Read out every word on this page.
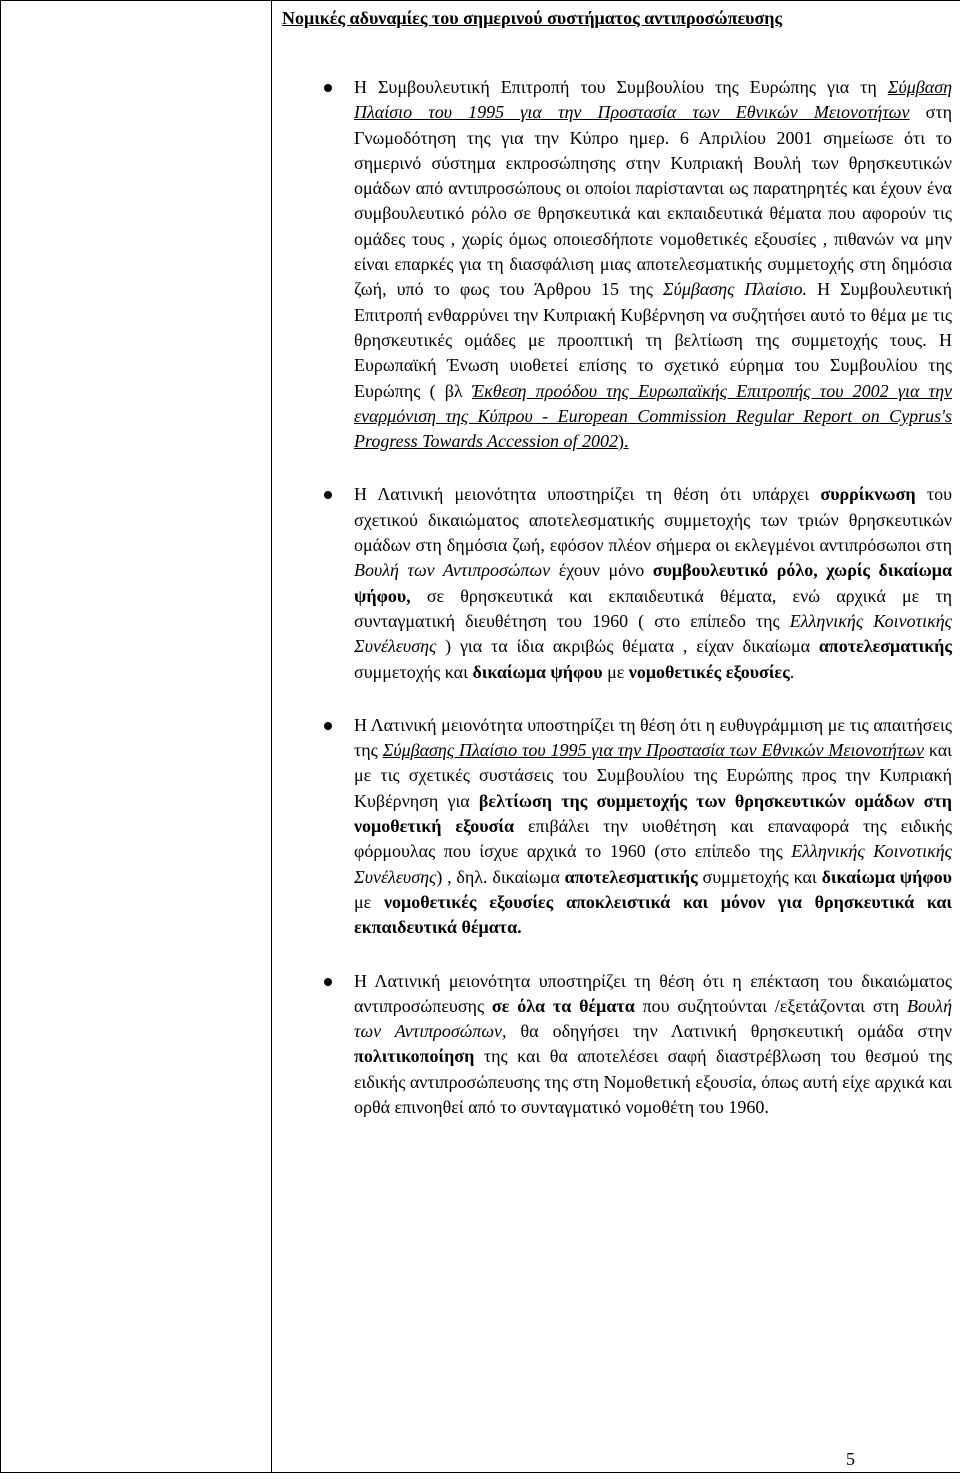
Νομικές αδυναμίες του σημερινού συστήματος αντιπροσώπευσης
Η Συμβουλευτική Επιτροπή του Συμβουλίου της Ευρώπης για τη Σύμβαση Πλαίσιο του 1995 για την Προστασία των Εθνικών Μειονοτήτων στη Γνωμοδότηση της για την Κύπρο ημερ. 6 Απριλίου 2001 σημείωσε ότι το σημερινό σύστημα εκπροσώπησης στην Κυπριακή Βουλή των θρησκευτικών ομάδων από αντιπροσώπους οι οποίοι παρίστανται ως παρατηρητές και έχουν ένα συμβουλευτικό ρόλο σε θρησκευτικά και εκπαιδευτικά θέματα που αφορούν τις ομάδες τους , χωρίς όμως οποιεσδήποτε νομοθετικές εξουσίες , πιθανών να μην είναι επαρκές για τη διασφάλιση μιας αποτελεσματικής συμμετοχής στη δημόσια ζωή, υπό το φως του Άρθρου 15 της Σύμβασης Πλαίσιο. Η Συμβουλευτική Επιτροπή ενθαρρύνει την Κυπριακή Κυβέρνηση να συζητήσει αυτό το θέμα με τις θρησκευτικές ομάδες με προοπτική τη βελτίωση της συμμετοχής τους. Η Ευρωπαϊκή Ένωση υιοθετεί επίσης το σχετικό εύρημα του Συμβουλίου της Ευρώπης ( βλ Έκθεση προόδου της Ευρωπαϊκής Επιτροπής του 2002 για την εναρμόνιση της Κύπρου - European Commission Regular Report on Cyprus's Progress Towards Accession of 2002).
Η Λατινική μειονότητα υποστηρίζει τη θέση ότι υπάρχει συρρίκνωση του σχετικού δικαιώματος αποτελεσματικής συμμετοχής των τριών θρησκευτικών ομάδων στη δημόσια ζωή, εφόσον πλέον σήμερα οι εκλεγμένοι αντιπρόσωποι στη Βουλή των Αντιπροσώπων έχουν μόνο συμβουλευτικό ρόλο, χωρίς δικαίωμα ψήφου, σε θρησκευτικά και εκπαιδευτικά θέματα, ενώ αρχικά με τη συνταγματική διευθέτηση του 1960 ( στο επίπεδο της Ελληνικής Κοινοτικής Συνέλευσης ) για τα ίδια ακριβώς θέματα , είχαν δικαίωμα αποτελεσματικής συμμετοχής και δικαίωμα ψήφου με νομοθετικές εξουσίες.
Η Λατινική μειονότητα υποστηρίζει τη θέση ότι η ευθυγράμμιση με τις απαιτήσεις της Σύμβασης Πλαίσιο του 1995 για την Προστασία των Εθνικών Μειονοτήτων και με τις σχετικές συστάσεις του Συμβουλίου της Ευρώπης προς την Κυπριακή Κυβέρνηση για βελτίωση της συμμετοχής των θρησκευτικών ομάδων στη νομοθετική εξουσία επιβάλει την υιοθέτηση και επαναφορά της ειδικής φόρμουλας που ίσχυε αρχικά το 1960 (στο επίπεδο της Ελληνικής Κοινοτικής Συνέλευσης) , δηλ. δικαίωμα αποτελεσματικής συμμετοχής και δικαίωμα ψήφου με νομοθετικές εξουσίες αποκλειστικά και μόνον για θρησκευτικά και εκπαιδευτικά θέματα.
Η Λατινική μειονότητα υποστηρίζει τη θέση ότι η επέκταση του δικαιώματος αντιπροσώπευσης σε όλα τα θέματα που συζητούνται /εξετάζονται στη Βουλή των Αντιπροσώπων, θα οδηγήσει την Λατινική θρησκευτική ομάδα στην πολιτικοποίηση της και θα αποτελέσει σαφή διαστρέβλωση του θεσμού της ειδικής αντιπροσώπευσης της στη Νομοθετική εξουσία, όπως αυτή είχε αρχικά και ορθά επινοηθεί από το συνταγματικό νομοθέτη του 1960.
5
